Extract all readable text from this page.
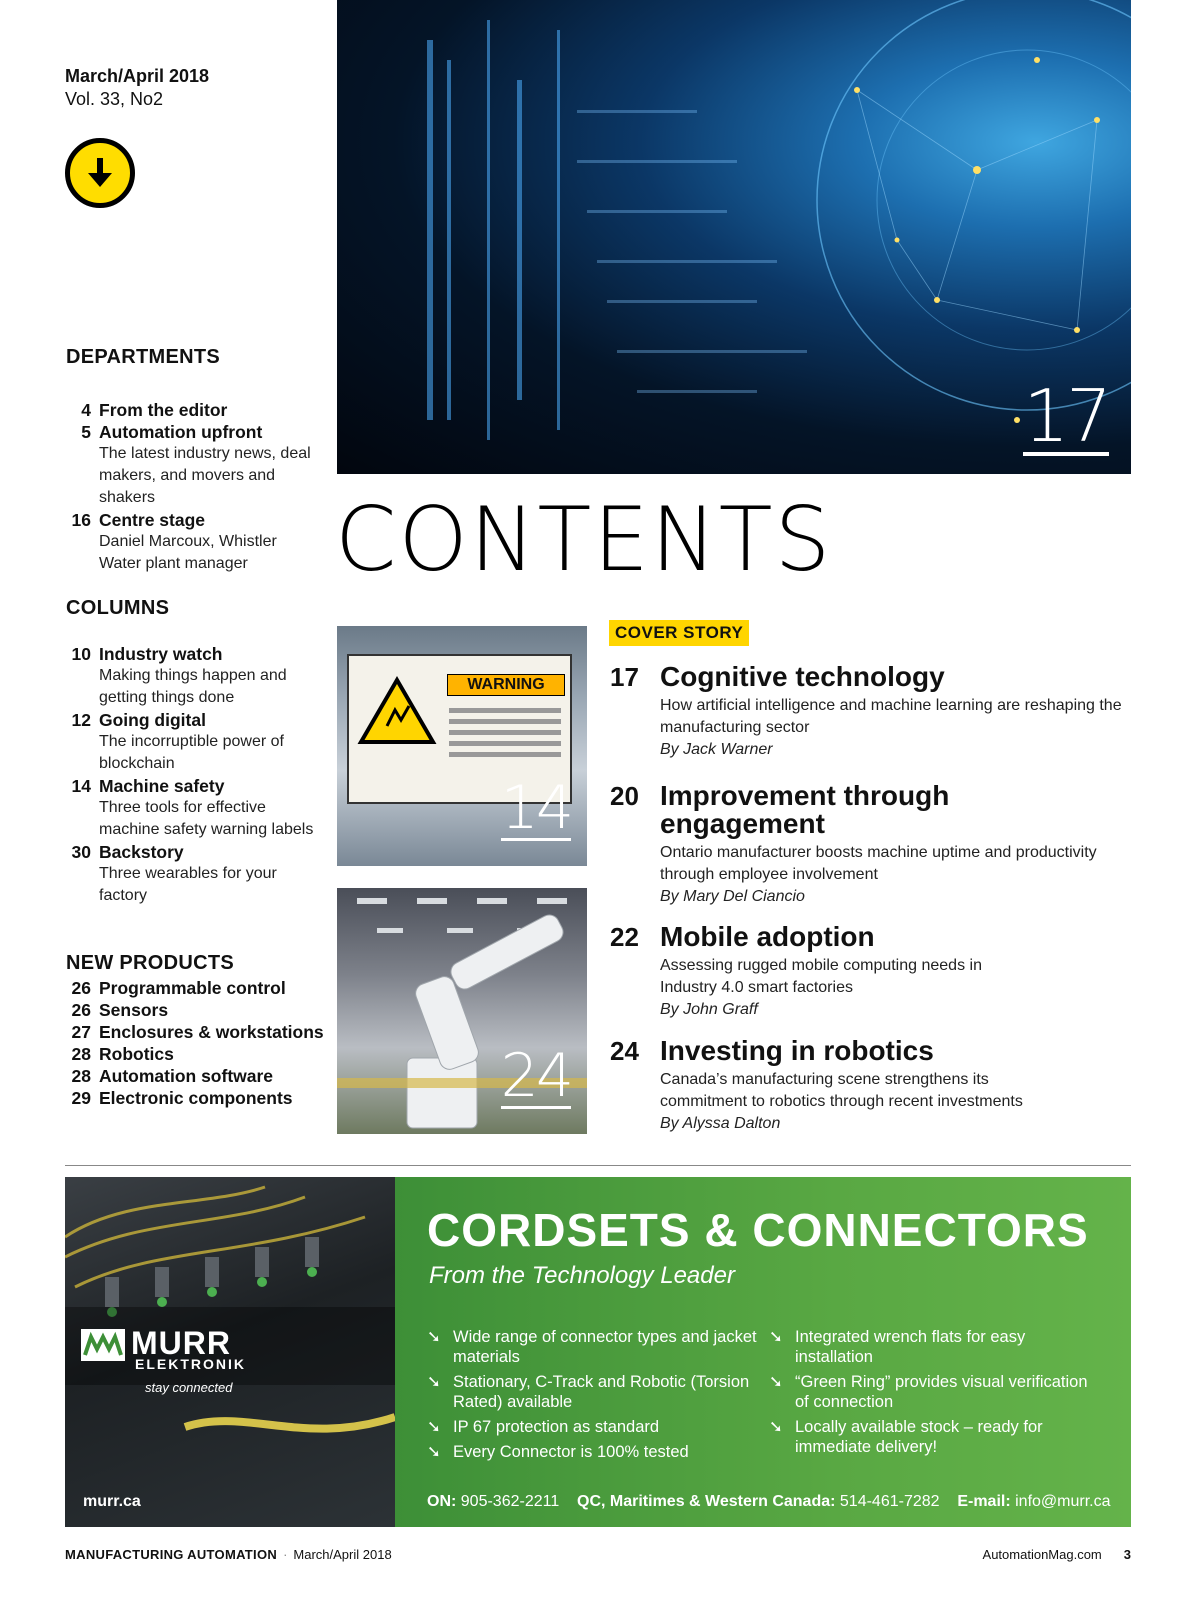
March/April 2018
Vol. 33, No2
DEPARTMENTS
4 From the editor
5 Automation upfront
The latest industry news, deal makers, and movers and shakers
16 Centre stage
Daniel Marcoux, Whistler Water plant manager
COLUMNS
10 Industry watch
Making things happen and getting things done
12 Going digital
The incorruptible power of blockchain
14 Machine safety
Three tools for effective machine safety warning labels
30 Backstory
Three wearables for your factory
NEW PRODUCTS
26 Programmable control
26 Sensors
27 Enclosures & workstations
28 Robotics
28 Automation software
29 Electronic components
17
CONTENTS
WARNING
14
24
COVER STORY
17 Cognitive technology
How artificial intelligence and machine learning are reshaping the manufacturing sector
By Jack Warner
20 Improvement through engagement
Ontario manufacturer boosts machine uptime and productivity through employee involvement
By Mary Del Ciancio
22 Mobile adoption
Assessing rugged mobile computing needs in Industry 4.0 smart factories
By John Graff
24 Investing in robotics
Canada’s manufacturing scene strengthens its commitment to robotics through recent investments
By Alyssa Dalton
MURR
ELEKTRONIK
stay connected
murr.ca
CORDSETS & CONNECTORS
From the Technology Leader
➘ Wide range of connector types and jacket materials
➘ Stationary, C-Track and Robotic (Torsion Rated) available
➘ IP 67 protection as standard
➘ Every Connector is 100% tested
➘ Integrated wrench flats for easy installation
➘ “Green Ring” provides visual verification of connection
➘ Locally available stock – ready for immediate delivery!
ON: 905-362-2211 QC, Maritimes & Western Canada: 514-461-7282 E-mail: info@murr.ca
MANUFACTURING AUTOMATION · March/April 2018	AutomationMag.com 3
